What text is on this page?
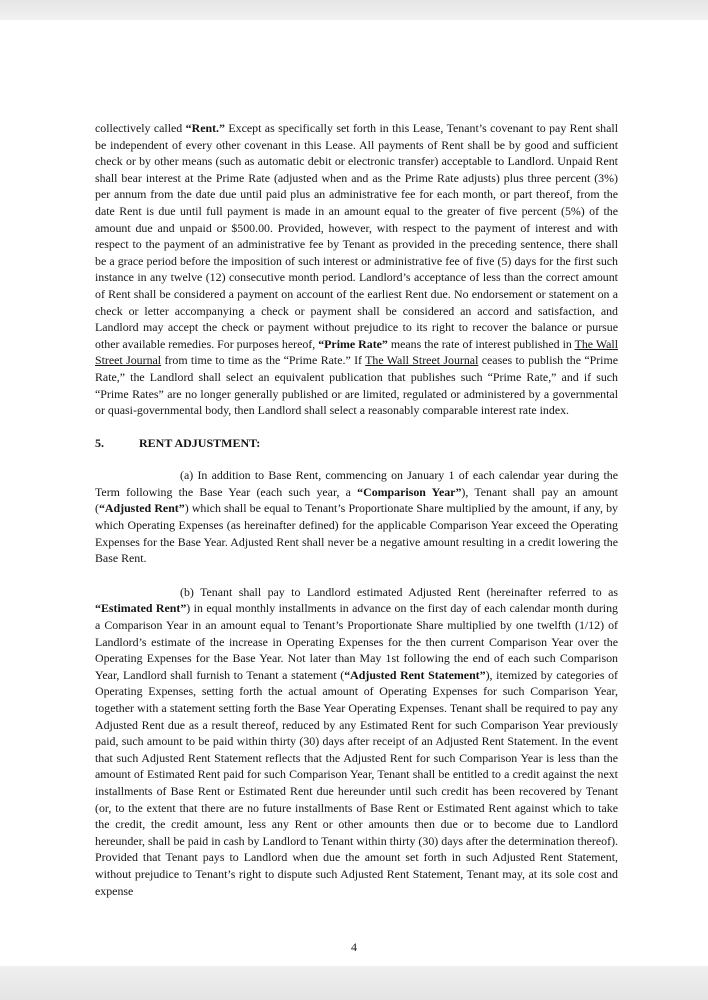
collectively called “Rent.” Except as specifically set forth in this Lease, Tenant’s covenant to pay Rent shall be independent of every other covenant in this Lease. All payments of Rent shall be by good and sufficient check or by other means (such as automatic debit or electronic transfer) acceptable to Landlord. Unpaid Rent shall bear interest at the Prime Rate (adjusted when and as the Prime Rate adjusts) plus three percent (3%) per annum from the date due until paid plus an administrative fee for each month, or part thereof, from the date Rent is due until full payment is made in an amount equal to the greater of five percent (5%) of the amount due and unpaid or $500.00. Provided, however, with respect to the payment of interest and with respect to the payment of an administrative fee by Tenant as provided in the preceding sentence, there shall be a grace period before the imposition of such interest or administrative fee of five (5) days for the first such instance in any twelve (12) consecutive month period. Landlord’s acceptance of less than the correct amount of Rent shall be considered a payment on account of the earliest Rent due. No endorsement or statement on a check or letter accompanying a check or payment shall be considered an accord and satisfaction, and Landlord may accept the check or payment without prejudice to its right to recover the balance or pursue other available remedies. For purposes hereof, “Prime Rate” means the rate of interest published in The Wall Street Journal from time to time as the “Prime Rate.” If The Wall Street Journal ceases to publish the “Prime Rate,” the Landlord shall select an equivalent publication that publishes such “Prime Rate,” and if such “Prime Rates” are no longer generally published or are limited, regulated or administered by a governmental or quasi-governmental body, then Landlord shall select a reasonably comparable interest rate index.

5.	RENT ADJUSTMENT:

(a) In addition to Base Rent, commencing on January 1 of each calendar year during the Term following the Base Year (each such year, a “Comparison Year”), Tenant shall pay an amount (“Adjusted Rent”) which shall be equal to Tenant’s Proportionate Share multiplied by the amount, if any, by which Operating Expenses (as hereinafter defined) for the applicable Comparison Year exceed the Operating Expenses for the Base Year. Adjusted Rent shall never be a negative amount resulting in a credit lowering the Base Rent.

(b) Tenant shall pay to Landlord estimated Adjusted Rent (hereinafter referred to as “Estimated Rent”) in equal monthly installments in advance on the first day of each calendar month during a Comparison Year in an amount equal to Tenant’s Proportionate Share multiplied by one twelfth (1/12) of Landlord’s estimate of the increase in Operating Expenses for the then current Comparison Year over the Operating Expenses for the Base Year. Not later than May 1st following the end of each such Comparison Year, Landlord shall furnish to Tenant a statement (“Adjusted Rent Statement”), itemized by categories of Operating Expenses, setting forth the actual amount of Operating Expenses for such Comparison Year, together with a statement setting forth the Base Year Operating Expenses. Tenant shall be required to pay any Adjusted Rent due as a result thereof, reduced by any Estimated Rent for such Comparison Year previously paid, such amount to be paid within thirty (30) days after receipt of an Adjusted Rent Statement. In the event that such Adjusted Rent Statement reflects that the Adjusted Rent for such Comparison Year is less than the amount of Estimated Rent paid for such Comparison Year, Tenant shall be entitled to a credit against the next installments of Base Rent or Estimated Rent due hereunder until such credit has been recovered by Tenant (or, to the extent that there are no future installments of Base Rent or Estimated Rent against which to take the credit, the credit amount, less any Rent or other amounts then due or to become due to Landlord hereunder, shall be paid in cash by Landlord to Tenant within thirty (30) days after the determination thereof). Provided that Tenant pays to Landlord when due the amount set forth in such Adjusted Rent Statement, without prejudice to Tenant’s right to dispute such Adjusted Rent Statement, Tenant may, at its sole cost and expense

4
